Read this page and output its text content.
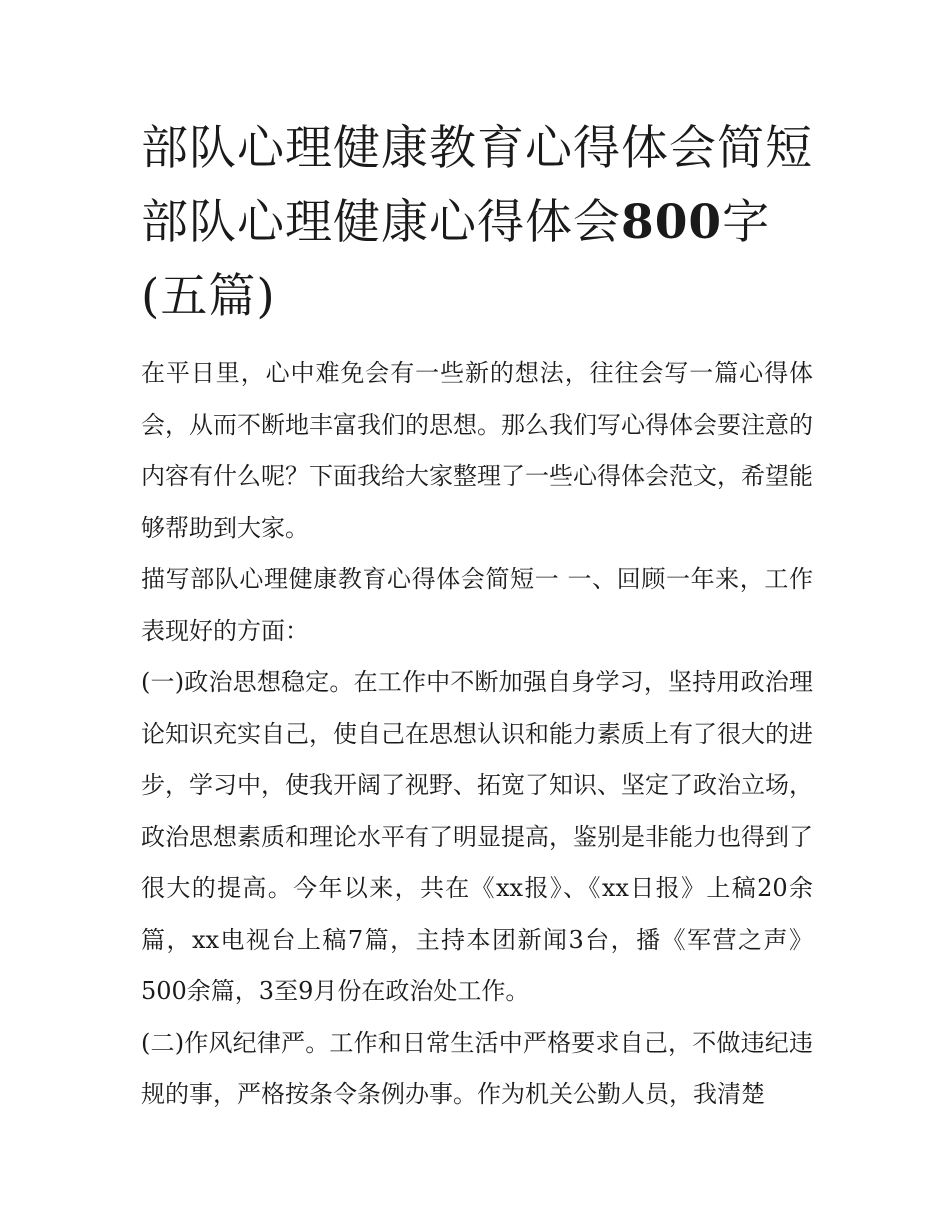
部队心理健康教育心得体会简短 部队心理健康心得体会800字(五篇)

在平日里，心中难免会有一些新的想法，往往会写一篇心得体会，从而不断地丰富我们的思想。那么我们写心得体会要注意的内容有什么呢？下面我给大家整理了一些心得体会范文，希望能够帮助到大家。

描写部队心理健康教育心得体会简短一 一、回顾一年来，工作表现好的方面：

(一)政治思想稳定。在工作中不断加强自身学习，坚持用政治理论知识充实自己，使自己在思想认识和能力素质上有了很大的进步，学习中，使我开阔了视野、拓宽了知识、坚定了政治立场，政治思想素质和理论水平有了明显提高，鉴别是非能力也得到了很大的提高。今年以来，共在《xx报》、《xx日报》上稿20余篇，xx电视台上稿7篇，主持本团新闻3台，播《军营之声》500余篇，3至9月份在政治处工作。

(二)作风纪律严。工作和日常生活中严格要求自己，不做违纪违规的事，严格按条令条例办事。作为机关公勤人员，我清楚
